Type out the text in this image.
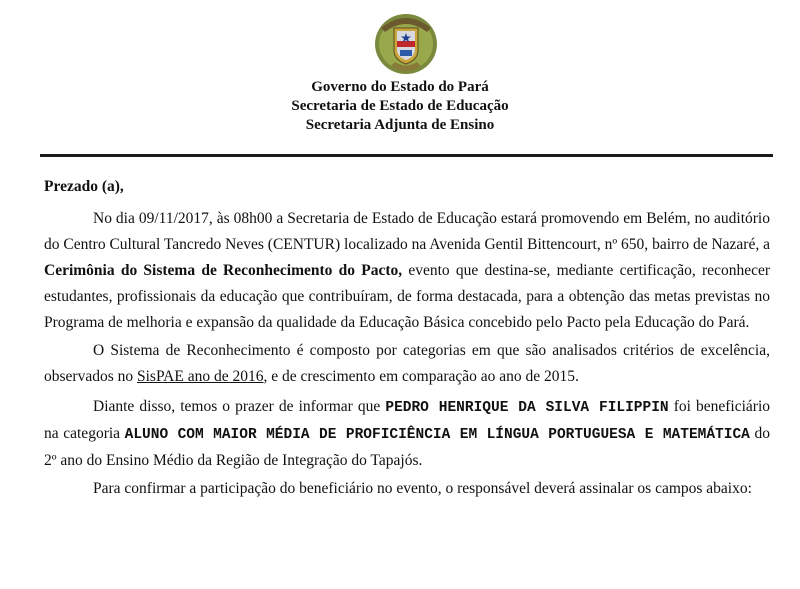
Governo do Estado do Pará
Secretaria de Estado de Educação
Secretaria Adjunta de Ensino
Prezado (a),

No dia 09/11/2017, às 08h00 a Secretaria de Estado de Educação estará promovendo em Belém, no auditório do Centro Cultural Tancredo Neves (CENTUR) localizado na Avenida Gentil Bittencourt, nº 650, bairro de Nazaré, a Cerimônia do Sistema de Reconhecimento do Pacto, evento que destina-se, mediante certificação, reconhecer estudantes, profissionais da educação que contribuíram, de forma destacada, para a obtenção das metas previstas no Programa de melhoria e expansão da qualidade da Educação Básica concebido pelo Pacto pela Educação do Pará.

O Sistema de Reconhecimento é composto por categorias em que são analisados critérios de excelência, observados no SisPAE ano de 2016, e de crescimento em comparação ao ano de 2015.

Diante disso, temos o prazer de informar que PEDRO HENRIQUE DA SILVA FILIPPIN foi beneficiário na categoria ALUNO COM MAIOR MÉDIA DE PROFICIÊNCIA EM LÍNGUA PORTUGUESA E MATEMÁTICA do 2º ano do Ensino Médio da Região de Integração do Tapajós.

Para confirmar a participação do beneficiário no evento, o responsável deverá assinalar os campos abaixo:
